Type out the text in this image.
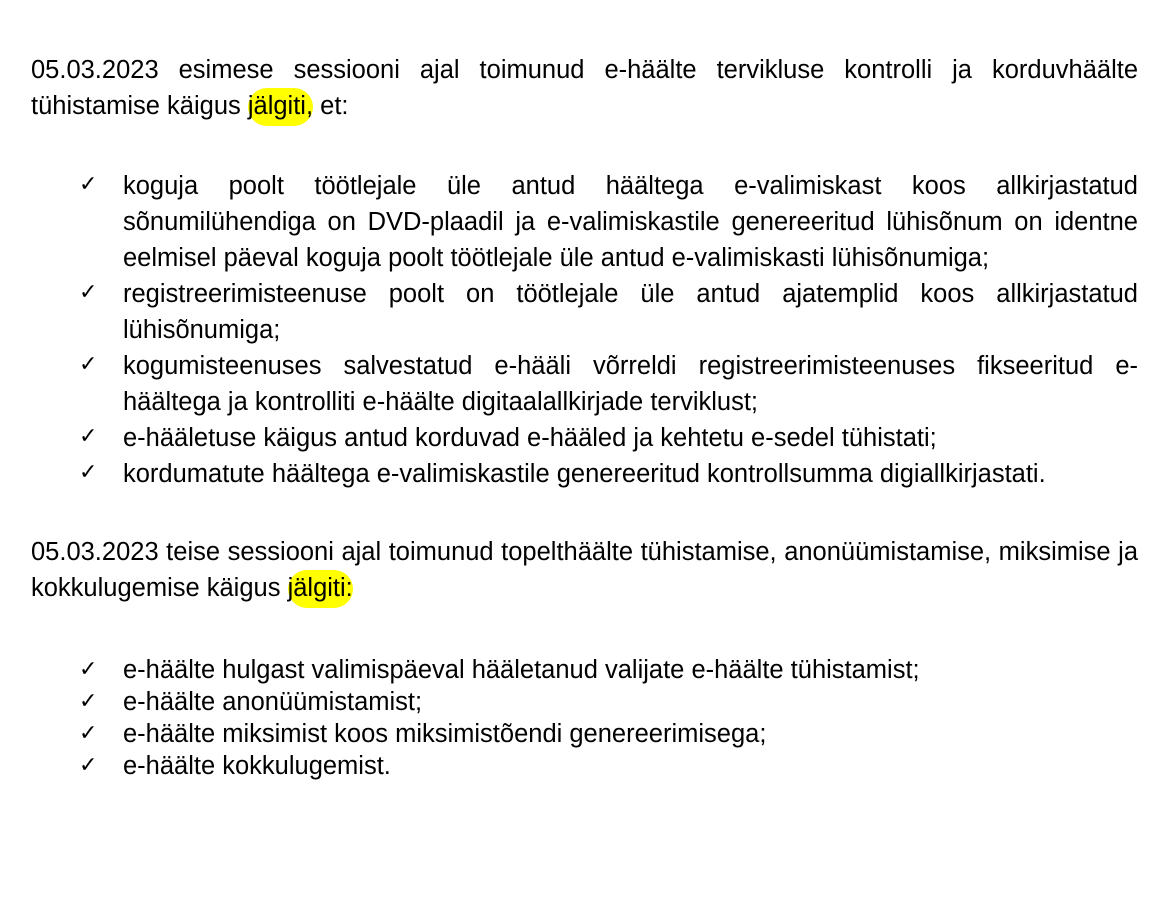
05.03.2023 esimese sessiooni ajal toimunud e-häälte tervikluse kontrolli ja korduvhäälte tühistamise käigus jälgiti, et:

✓ koguja poolt töötlejale üle antud häältega e-valimiskast koos allkirjastatud sõnumilühendiga on DVD-plaadil ja e-valimiskastile genereeritud lühisõnum on identne eelmisel päeval koguja poolt töötlejale üle antud e-valimiskasti lühisõnumiga;
✓ registreerimisteenuse poolt on töötlejale üle antud ajatemplid koos allkirjastatud lühisõnumiga;
✓ kogumisteenuses salvestatud e-hääli võrreldi registreerimisteenuses fikseeritud e-häältega ja kontrolliti e-häälte digitaalallkirjade terviklust;
✓ e-hääletuse käigus antud korduvad e-hääled ja kehtetu e-sedel tühistati;
✓ kordumatute häältega e-valimiskastile genereeritud kontrollsumma digiallkirjastati.

05.03.2023 teise sessiooni ajal toimunud topelthäälte tühistamise, anonüümistamise, miksimise ja kokkulugemise käigus jälgiti:

✓ e-häälte hulgast valimispäeval hääletanud valijate e-häälte tühistamist;
✓ e-häälte anonüümistamist;
✓ e-häälte miksimist koos miksimistõendi genereerimisega;
✓ e-häälte kokkulugemist.
